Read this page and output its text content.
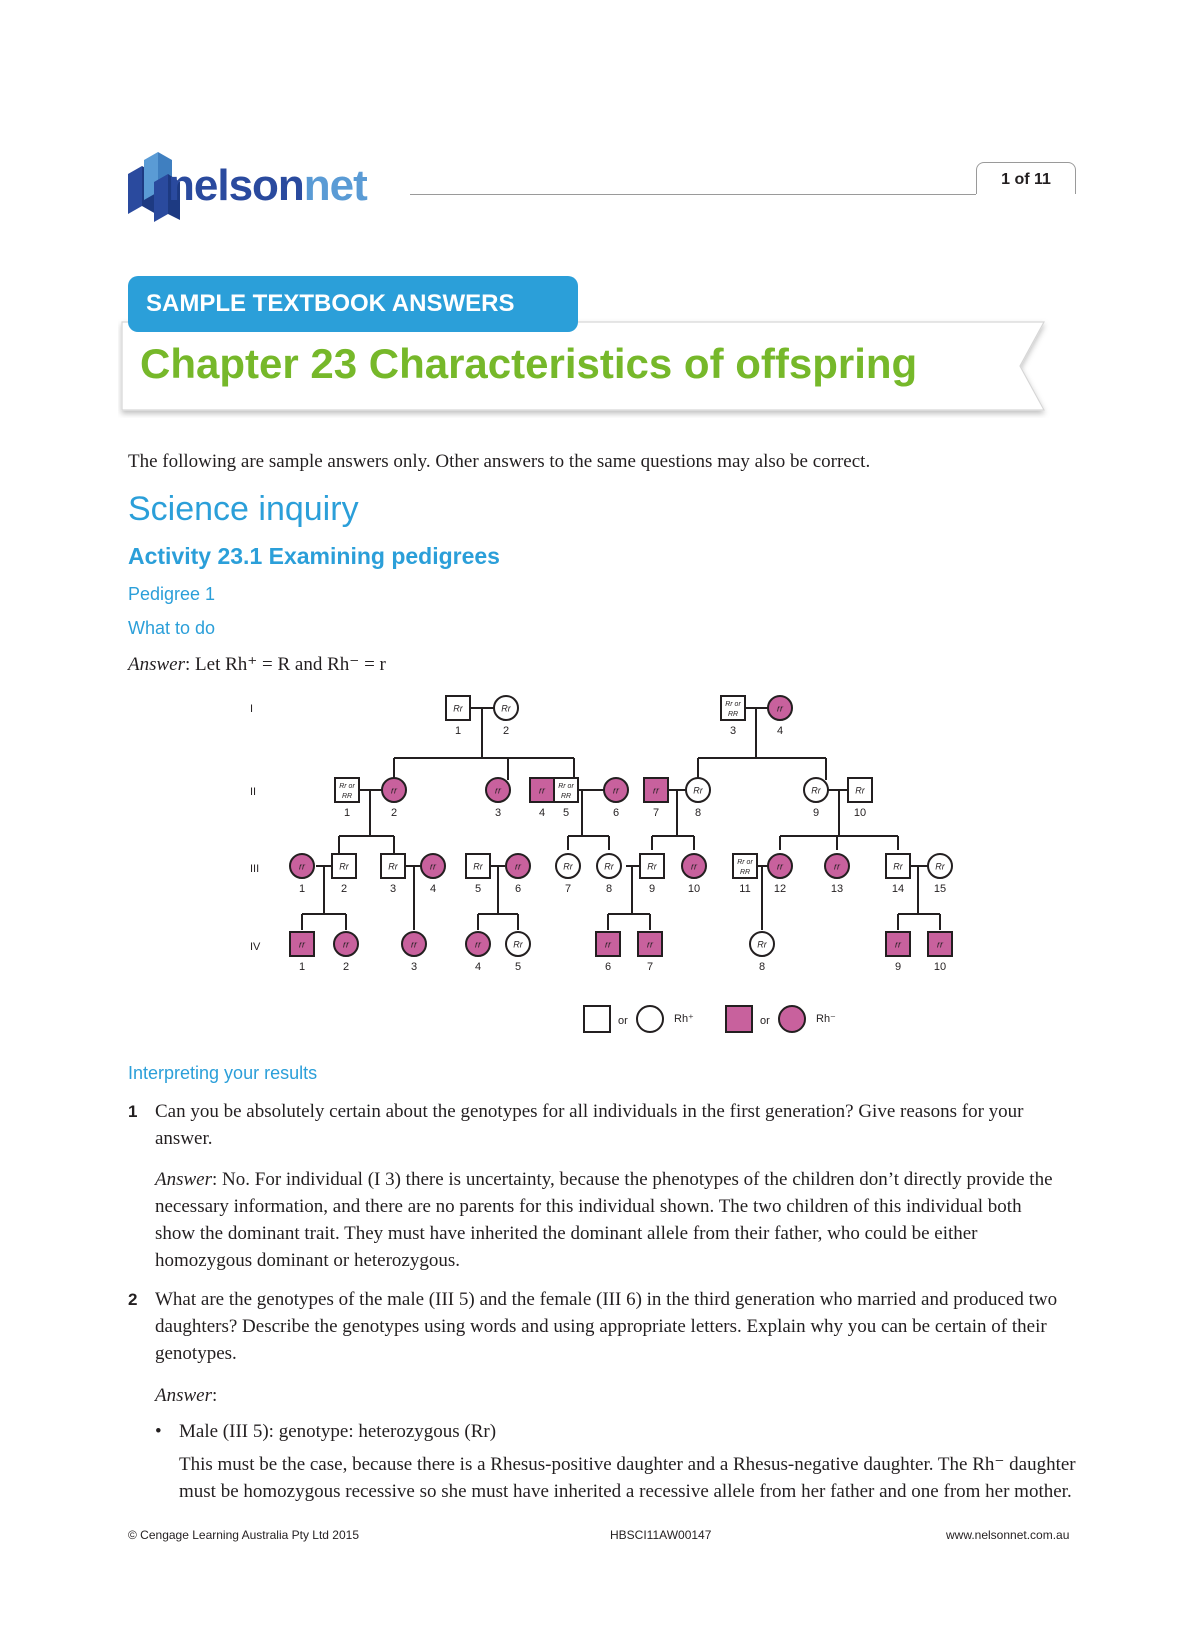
nelsonnet	1 of 11
SAMPLE TEXTBOOK ANSWERS
Chapter 23 Characteristics of offspring
The following are sample answers only. Other answers to the same questions may also be correct.
Science inquiry
Activity 23.1 Examining pedigrees
Pedigree 1
What to do
Answer: Let Rh⁺ = R and Rh⁻ = r
I
II
III
IV
Rr
1
Rr
2
Rr or
RR
3
rr
4
Rr or
RR
1
rr
2
rr
3
rr
4
Rr or
RR
5
rr
6
rr
7
Rr
8
Rr
9
Rr
10
rr
1
Rr
2
Rr
3
rr
4
Rr
5
rr
6
Rr
7
Rr
8
Rr
9
rr
10
Rr or
RR
11
rr
12
rr
13
Rr
14
Rr
15
rr
1
rr
2
rr
3
rr
4
Rr
5
rr
6
rr
7
Rr
8
rr
9
rr
10
or	Rh⁺	or	Rh⁻
Interpreting your results
1 Can you be absolutely certain about the genotypes for all individuals in the first generation? Give reasons for your answer.
Answer: No. For individual (I 3) there is uncertainty, because the phenotypes of the children don’t directly provide the necessary information, and there are no parents for this individual shown. The two children of this individual both show the dominant trait. They must have inherited the dominant allele from their father, who could be either homozygous dominant or heterozygous.
2 What are the genotypes of the male (III 5) and the female (III 6) in the third generation who married and produced two daughters? Describe the genotypes using words and using appropriate letters. Explain why you can be certain of their genotypes.
Answer:
• Male (III 5): genotype: heterozygous (Rr)
This must be the case, because there is a Rhesus-positive daughter and a Rhesus-negative daughter. The Rh⁻ daughter must be homozygous recessive so she must have inherited a recessive allele from her father and one from her mother.
© Cengage Learning Australia Pty Ltd 2015	HBSCI11AW00147	www.nelsonnet.com.au
